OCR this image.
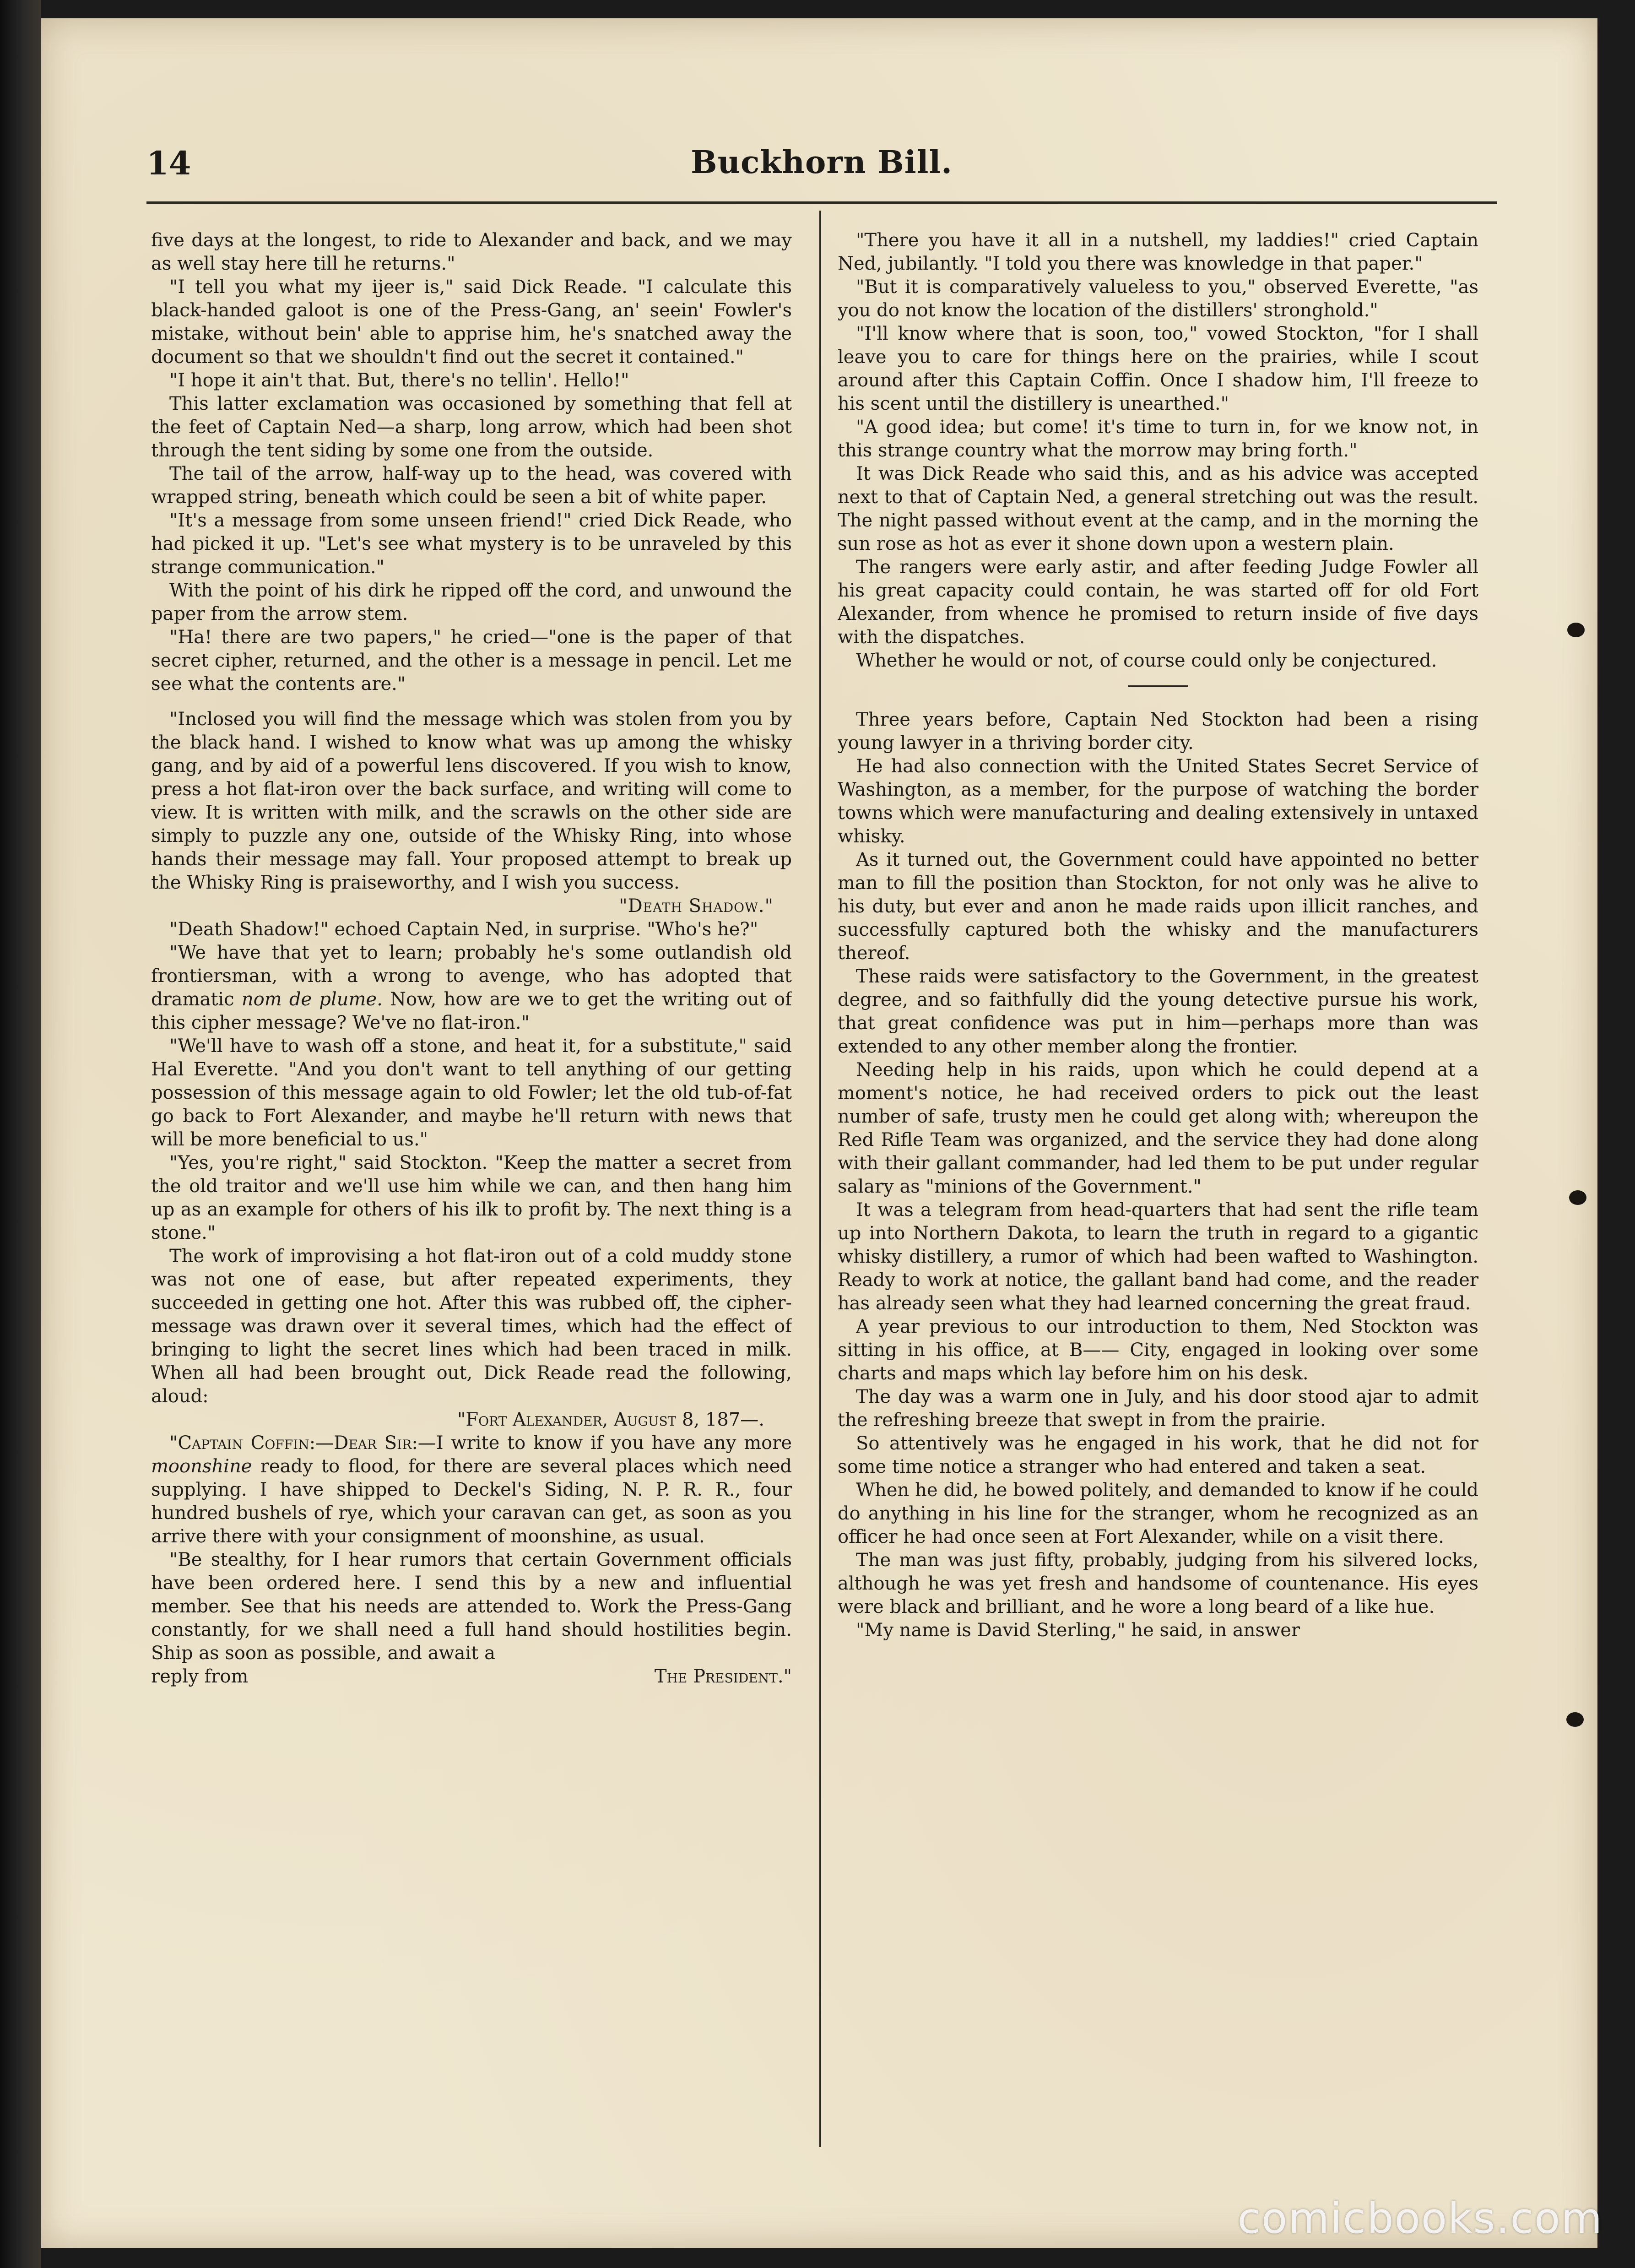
14	Buckhorn Bill.

five days at the longest, to ride to Alexander and back, and we may as well stay here till he returns."

"I tell you what my ijeer is," said Dick Reade. "I calculate this black-handed galoot is one of the Press-Gang, an' seein' Fowler's mistake, without bein' able to apprise him, he's snatched away the document so that we shouldn't find out the secret it contained."

"I hope it ain't that. But, there's no tellin'. Hello!"

This latter exclamation was occasioned by something that fell at the feet of Captain Ned—a sharp, long arrow, which had been shot through the tent siding by some one from the outside.

The tail of the arrow, half-way up to the head, was covered with wrapped string, beneath which could be seen a bit of white paper.

"It's a message from some unseen friend!" cried Dick Reade, who had picked it up. "Let's see what mystery is to be unraveled by this strange communication."

With the point of his dirk he ripped off the cord, and unwound the paper from the arrow stem.

"Ha! there are two papers," he cried—"one is the paper of that secret cipher, returned, and the other is a message in pencil. Let me see what the contents are."

"Inclosed you will find the message which was stolen from you by the black hand. I wished to know what was up among the whisky gang, and by aid of a powerful lens discovered. If you wish to know, press a hot flat-iron over the back surface, and writing will come to view. It is written with milk, and the scrawls on the other side are simply to puzzle any one, outside of the Whisky Ring, into whose hands their message may fall. Your proposed attempt to break up the Whisky Ring is praiseworthy, and I wish you success.

"Death Shadow."

"Death Shadow!" echoed Captain Ned, in surprise. "Who's he?"

"We have that yet to learn; probably he's some outlandish old frontiersman, with a wrong to avenge, who has adopted that dramatic nom de plume. Now, how are we to get the writing out of this cipher message? We've no flat-iron."

"We'll have to wash off a stone, and heat it, for a substitute," said Hal Everette. "And you don't want to tell anything of our getting possession of this message again to old Fowler; let the old tub-of-fat go back to Fort Alexander, and maybe he'll return with news that will be more beneficial to us."

"Yes, you're right," said Stockton. "Keep the matter a secret from the old traitor and we'll use him while we can, and then hang him up as an example for others of his ilk to profit by. The next thing is a stone."

The work of improvising a hot flat-iron out of a cold muddy stone was not one of ease, but after repeated experiments, they succeeded in getting one hot. After this was rubbed off, the cipher-message was drawn over it several times, which had the effect of bringing to light the secret lines which had been traced in milk. When all had been brought out, Dick Reade read the following, aloud:

"Fort Alexander, August 8, 187—.

"Captain Coffin:—Dear Sir:—I write to know if you have any more moonshine ready to flood, for there are several places which need supplying. I have shipped to Deckel's Siding, N. P. R. R., four hundred bushels of rye, which your caravan can get, as soon as you arrive there with your consignment of moonshine, as usual.

"Be stealthy, for I hear rumors that certain Government officials have been ordered here. I send this by a new and influential member. See that his needs are attended to. Work the Press-Gang constantly, for we shall need a full hand should hostilities begin. Ship as soon as possible, and await a

reply from	The President."

"There you have it all in a nutshell, my laddies!" cried Captain Ned, jubilantly. "I told you there was knowledge in that paper."

"But it is comparatively valueless to you," observed Everette, "as you do not know the location of the distillers' stronghold."

"I'll know where that is soon, too," vowed Stockton, "for I shall leave you to care for things here on the prairies, while I scout around after this Captain Coffin. Once I shadow him, I'll freeze to his scent until the distillery is unearthed."

"A good idea; but come! it's time to turn in, for we know not, in this strange country what the morrow may bring forth."

It was Dick Reade who said this, and as his advice was accepted next to that of Captain Ned, a general stretching out was the result. The night passed without event at the camp, and in the morning the sun rose as hot as ever it shone down upon a western plain.

The rangers were early astir, and after feeding Judge Fowler all his great capacity could contain, he was started off for old Fort Alexander, from whence he promised to return inside of five days with the dispatches.

Whether he would or not, of course could only be conjectured.

Three years before, Captain Ned Stockton had been a rising young lawyer in a thriving border city.

He had also connection with the United States Secret Service of Washington, as a member, for the purpose of watching the border towns which were manufacturing and dealing extensively in untaxed whisky.

As it turned out, the Government could have appointed no better man to fill the position than Stockton, for not only was he alive to his duty, but ever and anon he made raids upon illicit ranches, and successfully captured both the whisky and the manufacturers thereof.

These raids were satisfactory to the Government, in the greatest degree, and so faithfully did the young detective pursue his work, that great confidence was put in him—perhaps more than was extended to any other member along the frontier.

Needing help in his raids, upon which he could depend at a moment's notice, he had received orders to pick out the least number of safe, trusty men he could get along with; whereupon the Red Rifle Team was organized, and the service they had done along with their gallant commander, had led them to be put under regular salary as "minions of the Government."

It was a telegram from head-quarters that had sent the rifle team up into Northern Dakota, to learn the truth in regard to a gigantic whisky distillery, a rumor of which had been wafted to Washington. Ready to work at notice, the gallant band had come, and the reader has already seen what they had learned concerning the great fraud.

A year previous to our introduction to them, Ned Stockton was sitting in his office, at B—— City, engaged in looking over some charts and maps which lay before him on his desk.

The day was a warm one in July, and his door stood ajar to admit the refreshing breeze that swept in from the prairie.

So attentively was he engaged in his work, that he did not for some time notice a stranger who had entered and taken a seat.

When he did, he bowed politely, and demanded to know if he could do anything in his line for the stranger, whom he recognized as an officer he had once seen at Fort Alexander, while on a visit there.

The man was just fifty, probably, judging from his silvered locks, although he was yet fresh and handsome of countenance. His eyes were black and brilliant, and he wore a long beard of a like hue.

"My name is David Sterling," he said, in answer

comicbooks.com
